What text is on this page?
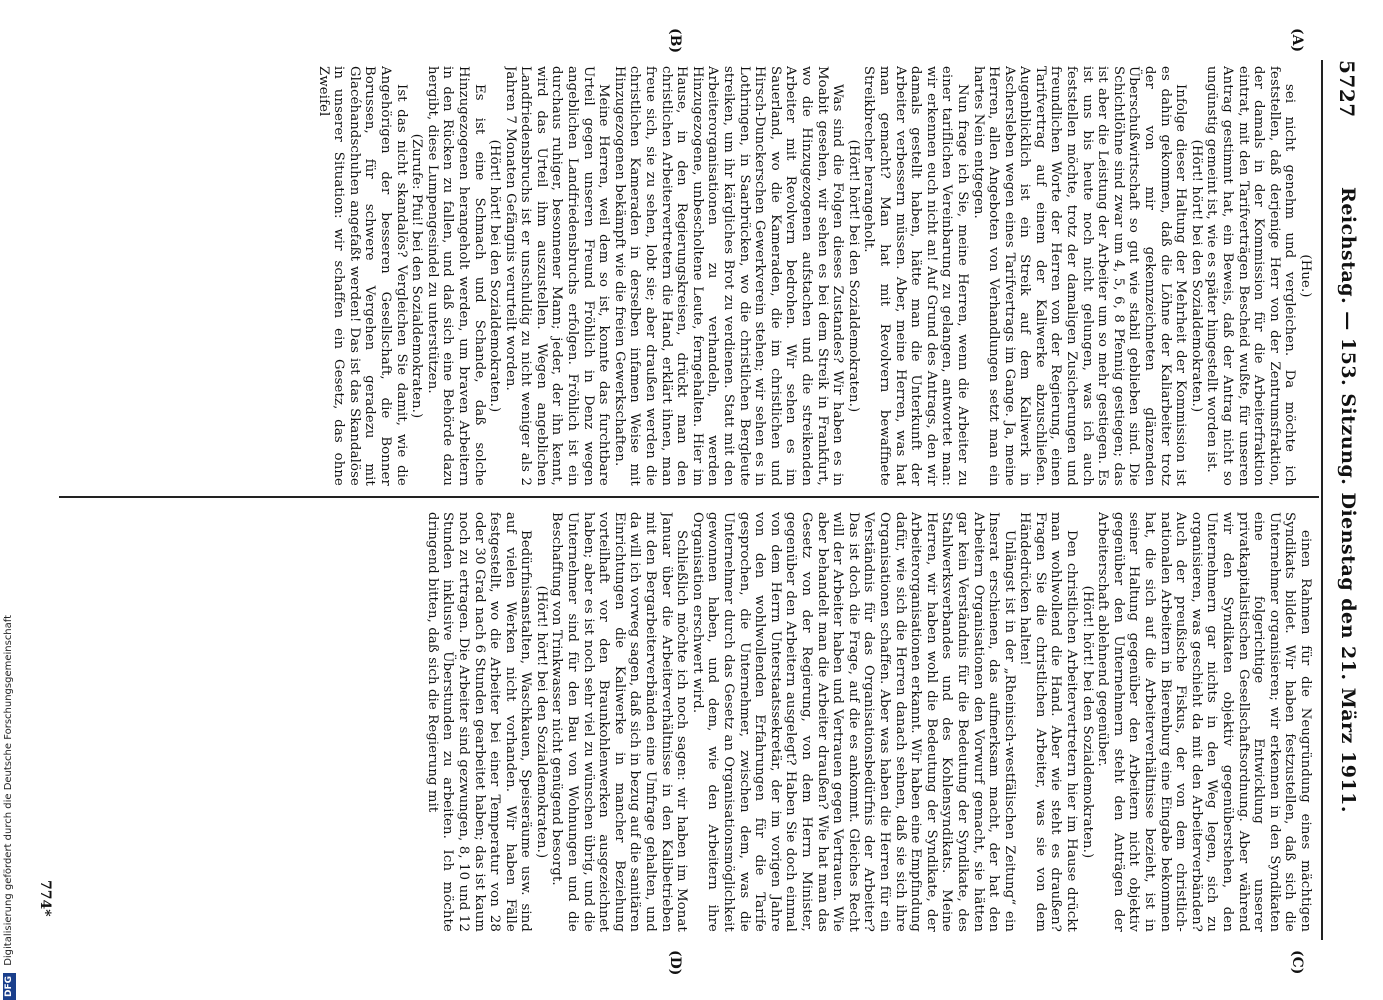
DFG Digitalisierung gefördert durch die Deutsche Forschungsgemeinschaft
5727
Reichstag. — 153. Sitzung. Dienstag den 21. März 1911.
(C)
(D)
(A)
(B)

(Hue.)

sei nicht genehm und vergleichen. Da möchte ich feststellen, daß derjenige Herr von der Zentrumsfraktion, der damals in der Kommission für die Arbeiterfraktion eintrat, mit den Tarifverträgen Bescheid wußte, für unseren Antrag gestimmt hat, ein Beweis, daß der Antrag nicht so ungünstig gemeint ist, wie es später hingestellt worden ist.

(Hört! hört! bei den Sozialdemokraten.)

Infolge dieser Haltung der Mehrheit der Kommission ist es dahin gekommen, daß die Löhne der Kaliarbeiter trotz der von mir gekennzeichneten glänzenden Überschußwirtschaft so gut wie stabil geblieben sind. Die Schichtlöhne sind zwar um 4, 5, 6, 8 Pfennig gestiegen; das ist aber die Leistung der Arbeiter um so mehr gestiegen. Es ist uns bis heute noch nicht gelungen, was ich auch feststellen möchte, trotz der damaligen Zusicherungen und freundlichen Worte der Herren von der Regierung, einen Tarifvertrag auf einem der Kaliwerke abzuschließen. Augenblicklich ist ein Streik auf dem Kaliwerk in Aschersleben wegen eines Tarifvertrags im Gange. Ja, meine Herren, allen Angeboten von Verhandlungen setzt man ein hartes Nein entgegen.

Nun frage ich Sie, meine Herren, wenn die Arbeiter zu einer tariflichen Vereinbarung zu gelangen, antwortet man: wir erkennen euch nicht an! Auf Grund des Antrags, den wir damals gestellt haben, hätte man die Unterkunft der Arbeiter verbessern müssen. Aber, meine Herren, was hat man gemacht? Man hat mit Revolvern bewaffnete Streikbrecher herangeholt.

(Hört! hört! bei den Sozialdemokraten.)

Was sind die Folgen dieses Zustandes? Wir haben es in Moabit gesehen, wir sehen es bei dem Streik in Frankfurt, wo die Hinzugezogenen aufstachen und die streikenden Arbeiter mit Revolvern bedrohen. Wir sehen es im Sauerland, wo die Kameraden, die im christlichen und Hirsch-Dunckerschen Gewerkverein stehen; wir sehen es in Lothringen, in Saarbrücken, wo die christlichen Bergleute streiken, um ihr kärgliches Brot zu verdienen. Statt mit den Arbeiterorganisationen zu verhandeln, werden Hinzugezogene, unbescholtene Leute, ferngehalten. Hier im Hause, in den Regierungskreisen, drückt man den christlichen Arbeitervertretern die Hand, erklärt ihnen, man freue sich, sie zu sehen, lobt sie; aber draußen werden die christlichen Kameraden in derselben infamen Weise mit Hinzugezogenen bekämpft wie die freien Gewerkschaften.

Meine Herren, weil dem so ist, konnte das furchtbare Urteil gegen unseren Freund Fröhlich in Denz wegen angeblichen Landfriedensbruchs erfolgen. Fröhlich ist ein durchaus ruhiger, besonnener Mann; jeder, der ihn kennt, wird das Urteil ihm auszustellen. Wegen angeblichen Landfriedensbruchs ist er unschuldig zu nicht weniger als 2 Jahren 7 Monaten Gefängnis verurteilt worden.

(Hört! hört! bei den Sozialdemokraten.)

Es ist eine Schmach und Schande, daß solche Hinzugezogenen herangeholt werden, um braven Arbeitern in den Rücken zu fallen, und daß sich eine Behörde dazu hergibt, diese Lumpengesindel zu unterstützen.

(Zurufe: Pfui! bei den Sozialdemokraten.)

Ist das nicht skandalös? Vergleichen Sie damit, wie die Angehörigen der besseren Gesellschaft, die Bonner Borussen, für schwere Vergehen geradezu mit Glacéhandschuhen angefaßt werden! Das ist das Skandalöse in unserer Situation: wir schaffen ein Gesetz, das ohne Zweifel

einen Rahmen für die Neugründung eines mächtigen Syndikats bildet. Wir haben festzustellen, daß sich die Unternehmer organisieren; wir erkennen in den Syndikaten eine folgerichtige Entwicklung unserer privatkapitalistischen Gesellschaftsordnung. Aber während wir den Syndikaten objektiv gegenüberstehen, den Unternehmern gar nichts in den Weg legen, sich zu organisieren, was geschieht da mit den Arbeiterverbänden? Auch der preußische Fiskus, der von dem christlich-nationalen Arbeitern in Bierenburg eine Eingabe bekommen hat, die sich auf die Arbeiterverhältnisse bezieht, ist in seiner Haltung gegenüber den Arbeitern nicht objektiv gegenüber den Unternehmern steht den Anträgen der Arbeiterschaft ablehnend gegenüber.

(Hört! hört! bei den Sozialdemokraten.)

Den christlichen Arbeitervertretern hier im Hause drückt man wohlwollend die Hand. Aber wie steht es draußen? Fragen Sie die christlichen Arbeiter, was sie von dem Händedrücken halten!

Unlängst ist in der „Rheinisch-westfälischen Zeitung“ ein Inserat erschienen, das aufmerksam macht, der hat den Arbeitern Organisationen den Vorwurf gemacht, sie hätten gar kein Verständnis für die Bedeutung der Syndikate, des Stahlwerksverbandes und des Kohlensyndikats. Meine Herren, wir haben wohl die Bedeutung der Syndikate, der Arbeiterorganisationen erkannt. Wir haben eine Empfindung dafür, wie sich die Herren danach sehnen, daß sie sich ihre Organisationen schaffen. Aber was haben die Herren für ein Verständnis für das Organisationsbedürfnis der Arbeiter? Das ist doch die Frage, auf die es ankommt. Gleiches Recht will der Arbeiter haben und Vertrauen gegen Vertrauen. Wie aber behandelt man die Arbeiter draußen? Wie hat man das Gesetz von der Regierung, von dem Herrn Minister, gegenüber den Arbeitern ausgelegt? Haben Sie doch einmal von dem Herrn Unterstaatssekretär, der im vorigen Jahre von den wohlwollenden Erfahrungen für die Tarife gesprochen, die Unternehmer, zwischen dem, was die Unternehmer durch das Gesetz an Organisationsmöglichkeit gewonnen haben, und dem, wie den Arbeitern ihre Organisation erschwert wird.

Schließlich möchte ich noch sagen: wir haben im Monat Januar über die Arbeiterverhältnisse in den Kalibetrieben mit den Bergarbeiterverbänden eine Umfrage gehalten, und da will ich vorweg sagen, daß sich in bezug auf die sanitären Einrichtungen die Kaliwerke in mancher Beziehung vorteilhaft vor den Braunkohlenwerken ausgezeichnet haben; aber es ist noch sehr viel zu wünschen übrig, und die Unternehmer sind für den Bau von Wohnungen und die Beschaffung von Trinkwasser nicht genügend besorgt.

(Hört! hört! bei den Sozialdemokraten.)

Bedürfnisanstalten, Waschkauen, Speiseräume usw. sind auf vielen Werken nicht vorhanden. Wir haben Fälle festgestellt, wo die Arbeiter bei einer Temperatur von 28 oder 30 Grad nach 6 Stunden gearbeitet haben; das ist kaum noch zu ertragen. Die Arbeiter sind gezwungen, 8, 10 und 12 Stunden inklusive Überstunden zu arbeiten. Ich möchte dringend bitten, daß sich die Regierung mit

774*
